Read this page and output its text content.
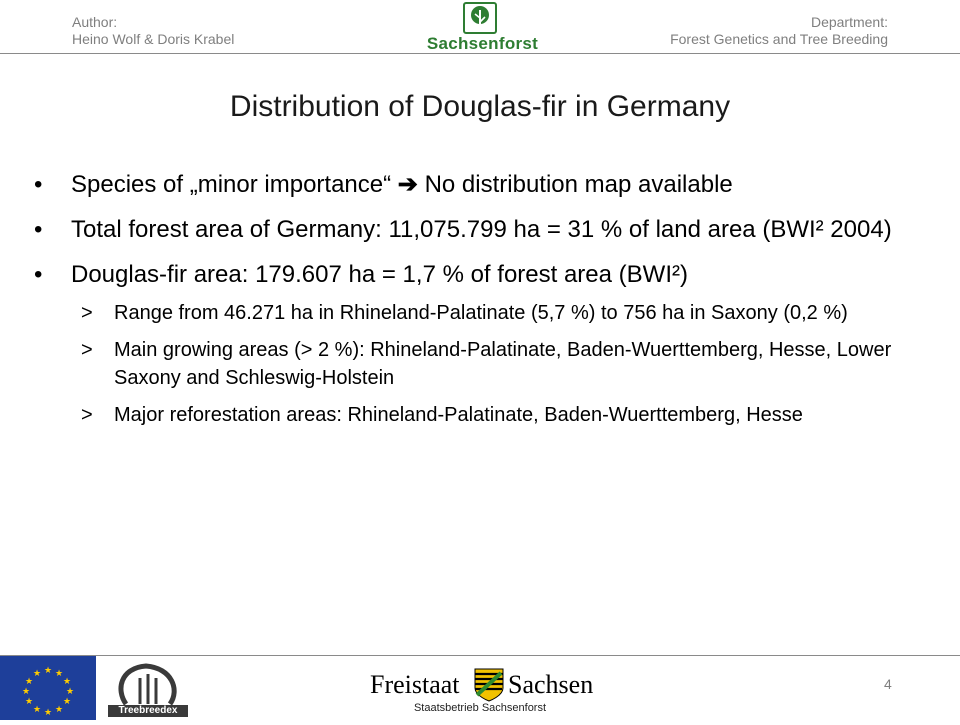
Author:
Heino Wolf & Doris Krabel	Sachsenforst
Department:
Forest Genetics and Tree Breeding
Distribution of Douglas-fir in Germany
• Species of „minor importance“ ➔ No distribution map available
• Total forest area of Germany: 11,075.799 ha = 31 % of land area (BWI² 2004)
• Douglas-fir area: 179.607 ha = 1,7 % of forest area (BWI²)
> Range from 46.271 ha in Rhineland-Palatinate (5,7 %) to 756 ha in Saxony (0,2 %)
> Main growing areas (> 2 %): Rhineland-Palatinate, Baden-Wuerttemberg, Hesse, Lower Saxony and Schleswig-Holstein
> Major reforestation areas: Rhineland-Palatinate, Baden-Wuerttemberg, Hesse
★ ★
★
★
★
★
★
★
★
★
★
★
Treebreedex
Freistaat Sachsen
Staatsbetrieb Sachsenforst
4
